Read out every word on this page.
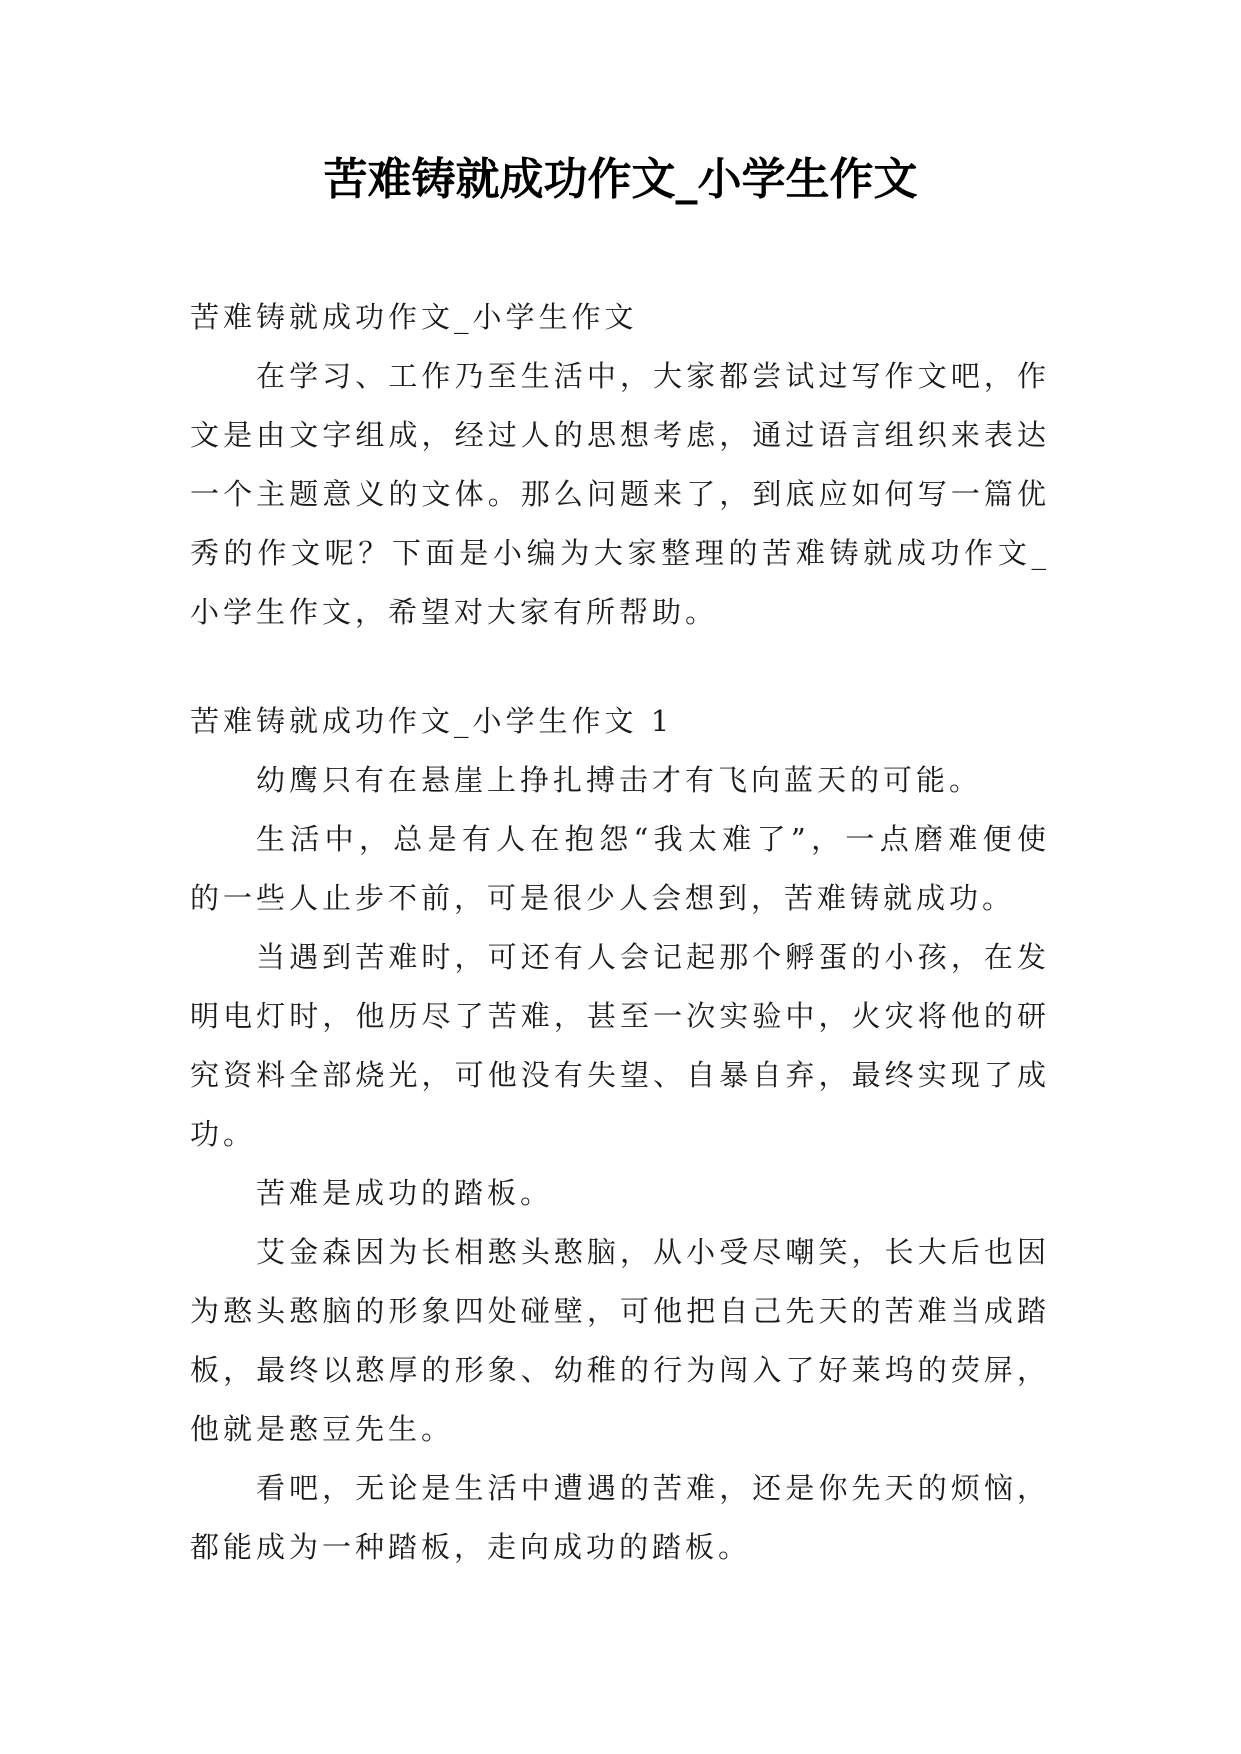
苦难铸就成功作文_小学生作文

苦难铸就成功作文_小学生作文

在学习、工作乃至生活中，大家都尝试过写作文吧，作文是由文字组成，经过人的思想考虑，通过语言组织来表达一个主题意义的文体。那么问题来了，到底应如何写一篇优秀的作文呢？下面是小编为大家整理的苦难铸就成功作文_小学生作文，希望对大家有所帮助。

苦难铸就成功作文_小学生作文 1

幼鹰只有在悬崖上挣扎搏击才有飞向蓝天的可能。

生活中，总是有人在抱怨“我太难了”，一点磨难便使的一些人止步不前，可是很少人会想到，苦难铸就成功。

当遇到苦难时，可还有人会记起那个孵蛋的小孩，在发明电灯时，他历尽了苦难，甚至一次实验中，火灾将他的研究资料全部烧光，可他没有失望、自暴自弃，最终实现了成功。

苦难是成功的踏板。

艾金森因为长相憨头憨脑，从小受尽嘲笑，长大后也因为憨头憨脑的形象四处碰壁，可他把自己先天的苦难当成踏板，最终以憨厚的形象、幼稚的行为闯入了好莱坞的荧屏，他就是憨豆先生。

看吧，无论是生活中遭遇的苦难，还是你先天的烦恼，都能成为一种踏板，走向成功的踏板。
